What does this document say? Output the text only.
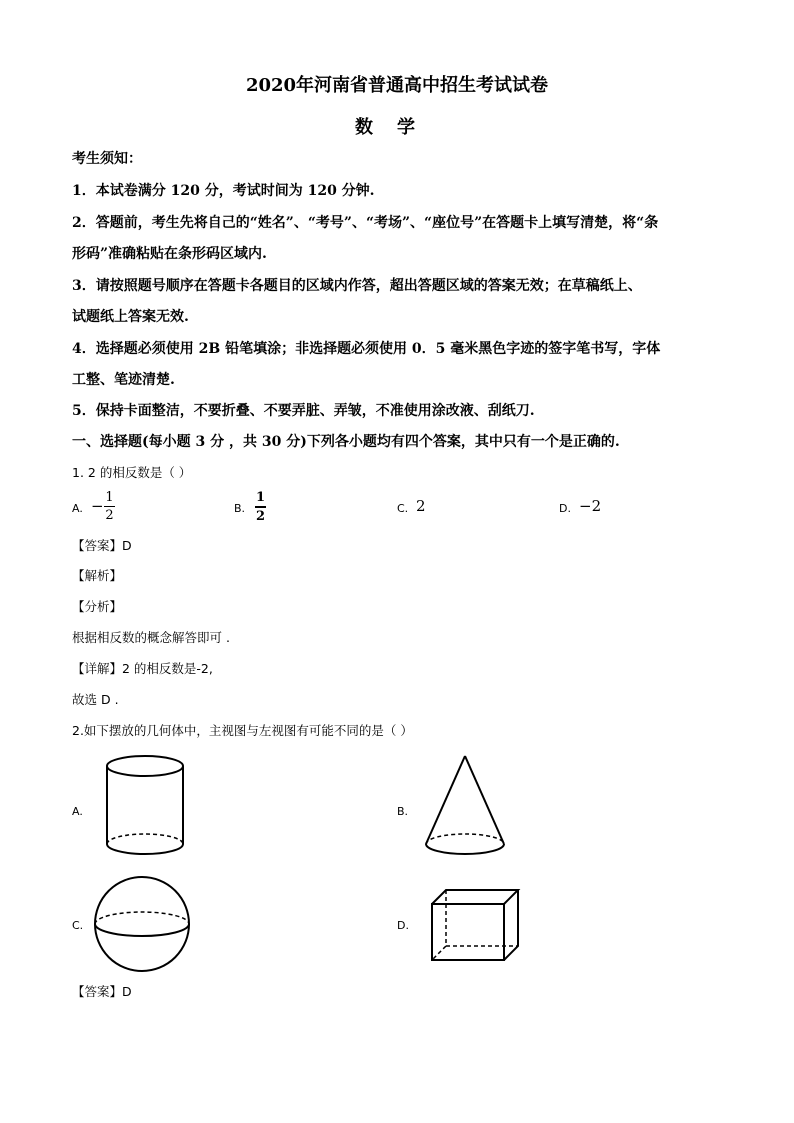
2020年河南省普通高中招生考试试卷
数学
考生须知：
1．本试卷满分 120 分，考试时间为 120 分钟.
2．答题前，考生先将自己的“姓名”、“考号”、“考场”、“座位号”在答题卡上填写清楚，将“条
形码”准确粘贴在条形码区域内.
3．请按照题号顺序在答题卡各题目的区域内作答，超出答题区域的答案无效；在草稿纸上、
试题纸上答案无效.
4．选择题必须使用 2B 铅笔填涂；非选择题必须使用 0．5 毫米黑色字迹的签字笔书写，字体
工整、笔迹清楚.
5．保持卡面整洁，不要折叠、不要弄脏、弄皱，不准使用涂改液、刮纸刀.
一、选择题(每小题 3 分 ，共 30 分)下列各小题均有四个答案，其中只有一个是正确的.
1. 2 的相反数是（ ）
A. − 1
2	B.
1
2
C. 2	D. −2
【答案】D
【解析】
【分析】
根据相反数的概念解答即可 .
【详解】2 的相反数是-2,
故选 D .
2.如下摆放的几何体中，主视图与左视图有可能不同的是（ ）
A.	B.
C.	D.
【答案】D
